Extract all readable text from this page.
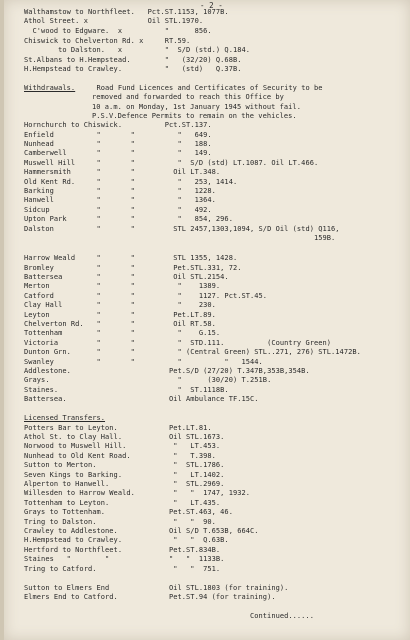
- 2 -
Walthamstow to Northfleet.   Pct.ST.1153, 1077B.
Athol Street. x              Oil STL.1970.
C'wood to Edgware.  x          "      856.
Chiswick to Chelverton Rd. x     RT.59.
to Dalston.   x          "  S/D (std.) Q.184.
St.Albans to H.Hempstead.        "   (32/20) Q.68B.
H.Hempstead to Crawley.          "   (std)   Q.37B.
Withdrawals.     Road Fund Licences and Certificates of Security to be
removed and forwarded to reach this Office by
10 a.m. on Monday, 1st January 1945 without fail.
P.S.V.Defence Permits to remain on the vehicles.
Hornchurch to Chiswick.          Pct.ST.137.
Enfield          "       "          "   649.
Nunhead          "       "          "   188.
Camberwell       "       "          "   149.
Muswell Hill     "       "          "  S/D (std) LT.1087. Oil LT.466.
Hammersmith      "       "         Oil LT.348.
Old Kent Rd.     "       "          "   253, 1414.
Barking          "       "          "   1228.
Hanwell          "       "          "   1364.
Sidcup           "       "          "   492.
Upton Park       "       "          "   854, 296.
Dalston          "       "         STL 2457,1303,1094, S/D Oil (std) Q116,
159B.
Harrow Weald     "       "         STL 1355, 1428.
Bromley          "       "         Pet.STL.331, 72.
Battersea        "       "         Oil STL.2154.
Merton           "       "          "    1389.
Catford          "       "          "    1127. Pct.ST.45.
Clay Hall        "       "          "    230.
Leyton           "       "         Pet.LT.89.
Chelverton Rd.   "       "         Oil RT.58.
Tottenham        "       "          "    G.15.
Victoria         "       "          "  STD.111.          (Country Green)
Dunton Grn.      "       "          " (Central Green) STL..271, 276) STL.1472B.
Swanley          "       "          "          "   1544.
Addlestone.                       Pet.S/D (27/20) T.347B,353B,354B.
Grays.                              "      (30/20) T.251B.
Staines.                            "  ST.1118B.
Battersea.                        Oil Ambulance TF.15C.
Licensed Transfers.
Potters Bar to Leyton.            Pet.LT.81.
Athol St. to Clay Hall.           Oil STL.1673.
Norwood to Muswell Hill.           "   LT.453.
Nunhead to Old Kent Road.          "   T.398.
Sutton to Merton.                  "  STL.1786.
Seven Kings to Barking.            "   LT.1402.
Alperton to Hanwell.               "  STL.2969.
Willesden to Harrow Weald.         "   "  1747, 1932.
Tottenham to Leyton.               "   LT.435.
Grays to Tottenham.               Pet.ST.463, 46.
Tring to Dalston.                  "   "  90.
Crawley to Addlestone.            Oil S/D T.653B, 664C.
H.Hempstead to Crawley.            "   "  Q.63B.
Hertford to Northfleet.           Pet.ST.834B.
Staines   "        "              "   "  1133B.
Tring to Catford.                  "   "  751.
Sutton to Elmers End              Oil STL.1803 (for training).
Elmers End to Catford.            Pet.ST.94 (for training).
Continued......
